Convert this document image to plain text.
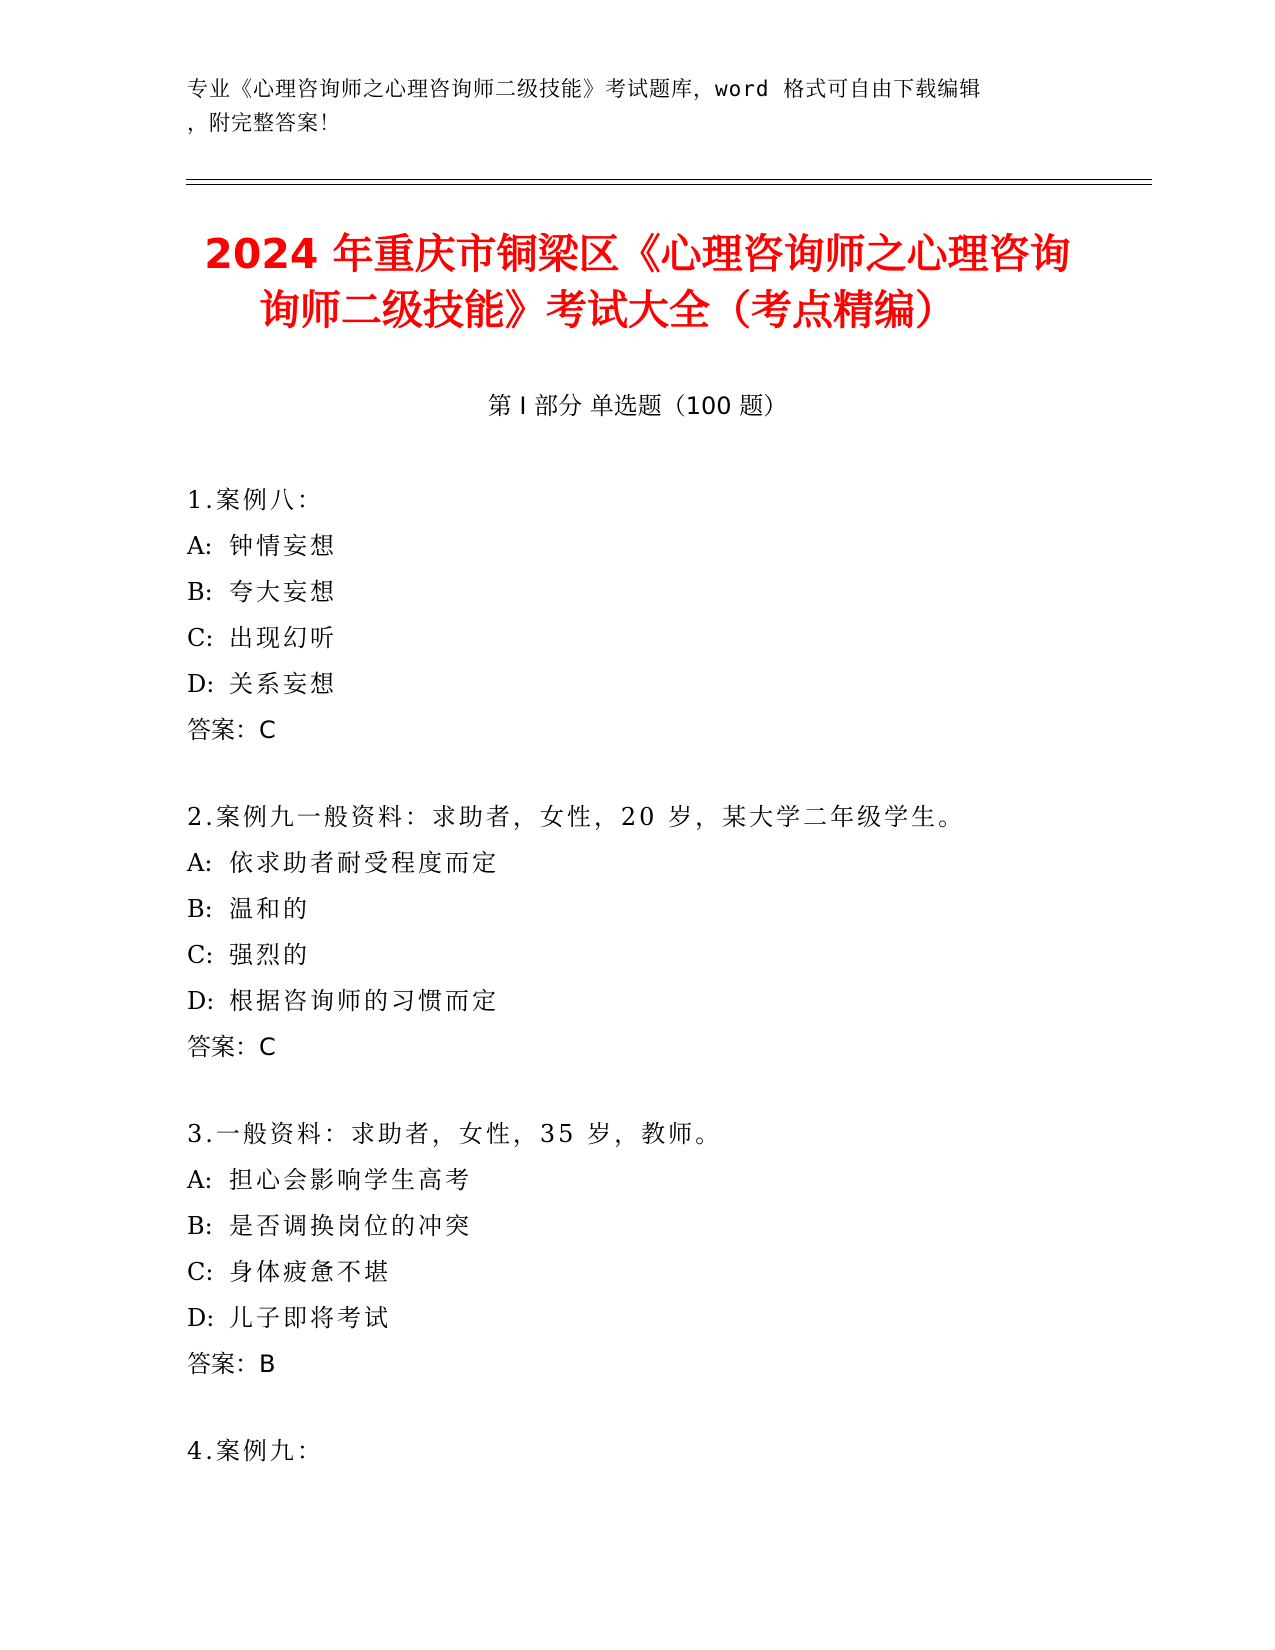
专业《心理咨询师之心理咨询师二级技能》考试题库，word 格式可自由下载编辑
，附完整答案！
2024 年重庆市铜梁区《心理咨询师之心理咨询
询师二级技能》考试大全（考点精编）
第 I 部分 单选题（100 题）
1.案例八：
A: 钟情妄想
B: 夸大妄想
C: 出现幻听
D: 关系妄想
答案：C
2.案例九一般资料：求助者，女性，20 岁，某大学二年级学生。
A: 依求助者耐受程度而定
B: 温和的
C: 强烈的
D: 根据咨询师的习惯而定
答案：C
3.一般资料：求助者，女性，35 岁，教师。
A: 担心会影响学生高考
B: 是否调换岗位的冲突
C: 身体疲惫不堪
D: 儿子即将考试
答案：B
4.案例九：
